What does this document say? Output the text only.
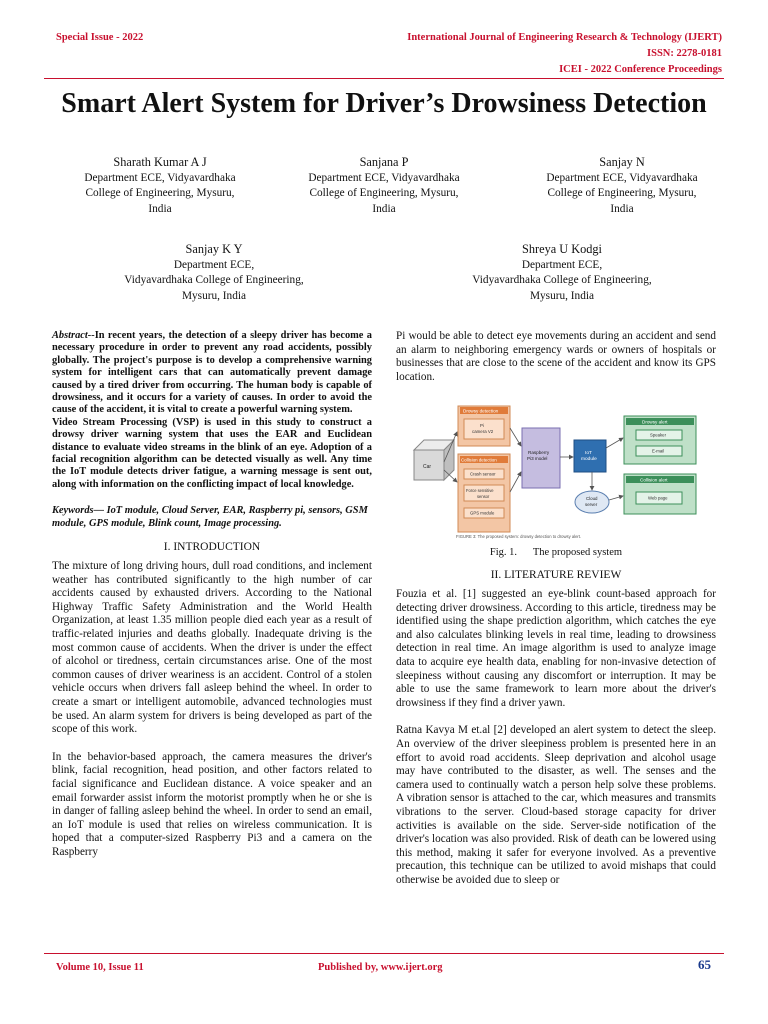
Special Issue - 2022	International Journal of Engineering Research & Technology (IJERT)
ISSN: 2278-0181
ICEI - 2022 Conference Proceedings
Smart Alert System for Driver’s Drowsiness Detection
Sharath Kumar A J
Department ECE, Vidyavardhaka
College of Engineering, Mysuru,
India
Sanjana P
Department ECE, Vidyavardhaka
College of Engineering, Mysuru,
India
Sanjay N
Department ECE, Vidyavardhaka
College of Engineering, Mysuru,
India
Sanjay K Y
Department ECE,
Vidyavardhaka College of Engineering,
Mysuru, India
Shreya U Kodgi
Department ECE,
Vidyavardhaka College of Engineering,
Mysuru, India

Abstract--In recent years, the detection of a sleepy driver has become a necessary procedure in order to prevent any road accidents, possibly globally. The project's purpose is to develop a comprehensive warning system for intelligent cars that can automatically prevent damage caused by a tired driver from occurring. The human body is capable of drowsiness, and it occurs for a variety of causes. In order to avoid the cause of the accident, it is vital to create a powerful warning system.

Video Stream Processing (VSP) is used in this study to construct a drowsy driver warning system that uses the EAR and Euclidean distance to evaluate video streams in the blink of an eye. Adoption of a facial recognition algorithm can be detected visually as well. Any time the IoT module detects driver fatigue, a warning message is sent out, along with information on the conflicting impact of local knowledge.

Keywords— IoT module, Cloud Server, EAR, Raspberry pi, sensors, GSM module, GPS module, Blink count, Image processing.
I. INTRODUCTION

The mixture of long driving hours, dull road conditions, and inclement weather has contributed significantly to the high number of car accidents caused by exhausted drivers. According to the National Highway Traffic Safety Administration and the World Health Organization, at least 1.35 million people died each year as a result of traffic-related injuries and deaths globally. Inadequate driving is the most common cause of accidents. When the driver is under the effect of alcohol or tiredness, certain circumstances arise. One of the most common causes of driver weariness is an accident. Control of a stolen vehicle occurs when drivers fall asleep behind the wheel. In order to create a smart or intelligent automobile, advanced technologies must be used. An alarm system for drivers is being developed as part of the scope of this work.

In the behavior-based approach, the camera measures the driver's blink, facial recognition, head position, and other factors related to facial significance and Euclidean distance. A voice speaker and an email forwarder assist inform the motorist promptly when he or she is in danger of falling asleep behind the wheel. In order to send an email, an IoT module is used that relies on wireless communication. It is hoped that a computer-sized Raspberry Pi3 and a camera on the Raspberry

Pi would be able to detect eye movements during an accident and send an alarm to neighboring emergency wards or owners of hospitals or businesses that are close to the scene of the accident and know its GPS location.

Car
Drowsy detection
Pi
camera V2
Collision detection
Crash sensor
Force sensitive
sensor
GPS module
Raspberry
Pi3 model
IoT
module
Cloud
server
Drowsy alert
Speaker
E-mail
Collision alert
Web page
FIGURE 3: The proposed system: drowsy detection to drowsy alert.
Fig. 1. The proposed system
II. LITERATURE REVIEW

Fouzia et al. [1] suggested an eye-blink count-based approach for detecting driver drowsiness. According to this article, tiredness may be identified using the shape prediction algorithm, which catches the eye and also calculates blinking levels in real time, leading to drowsiness detection in real time. An image algorithm is used to analyze image data to acquire eye health data, enabling for non-invasive detection of sleepiness without causing any discomfort or interruption. It may be able to use the same framework to learn more about the driver's drowsiness if they find a driver yawn.

Ratna Kavya M et.al [2] developed an alert system to detect the sleep. An overview of the driver sleepiness problem is presented here in an effort to avoid road accidents. Sleep deprivation and alcohol usage may have contributed to the disaster, as well. The senses and the camera used to continually watch a person help solve these problems. A vibration sensor is attached to the car, which measures and transmits vibrations to the server. Cloud-based storage capacity for driver activities is available on the side. Server-side notification of the driver's location was also provided. Risk of death can be lowered using this method, making it safer for everyone involved. As a preventive precaution, this technique can be utilized to avoid mishaps that could otherwise be avoided due to sleep or

Volume 10, Issue 11	Published by, www.ijert.org	65
